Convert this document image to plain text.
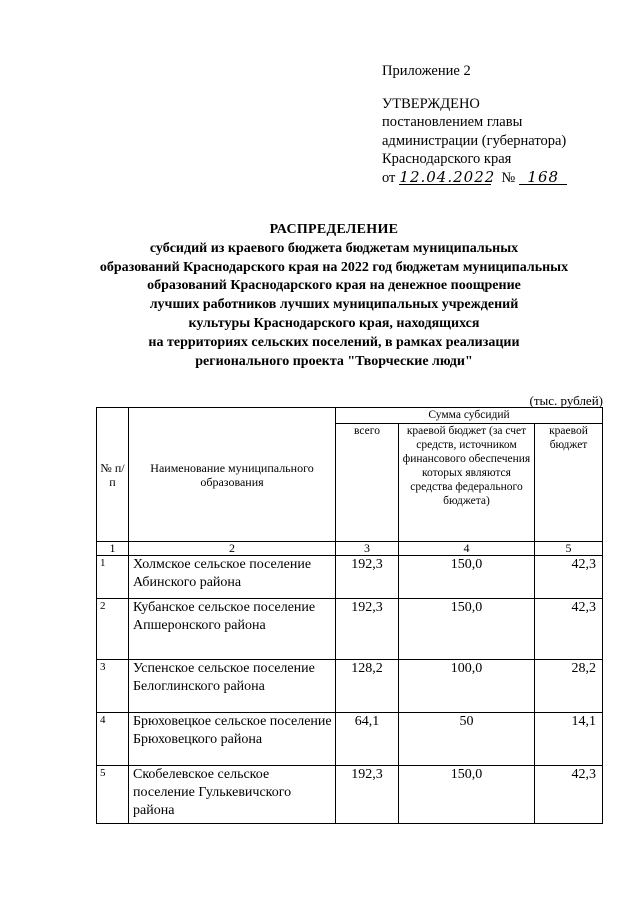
Приложение 2
УТВЕРЖДЕНО
постановлением главы
администрации (губернатора)
Краснодарского края
от 12.04.2022 № 168
РАСПРЕДЕЛЕНИЕ
субсидий из краевого бюджета бюджетам муниципальных
образований Краснодарского края на 2022 год бюджетам муниципальных
образований Краснодарского края на денежное поощрение
лучших работников лучших муниципальных учреждений
культуры Краснодарского края, находящихся
на территориях сельских поселений, в рамках реализации
регионального проекта "Творческие люди"
(тыс. рублей)
№ п/п	Наименование муниципального образования	Сумма субсидий		
		всего	краевой бюджет (за счет средств, источником финансового обеспечения которых являются средства федерального бюджета)	краевой бюджет
1	2	3	4	5
1	Холмское сельское поселение Абинского района	192,3	150,0	42,3
2	Кубанское сельское поселение Апшеронского района	192,3	150,0	42,3
3	Успенское сельское поселение Белоглинского района	128,2	100,0	28,2
4	Брюховецкое сельское поселение Брюховецкого района	64,1	50	14,1
5	Скобелевское сельское поселение Гулькевичского района	192,3	150,0	42,3
